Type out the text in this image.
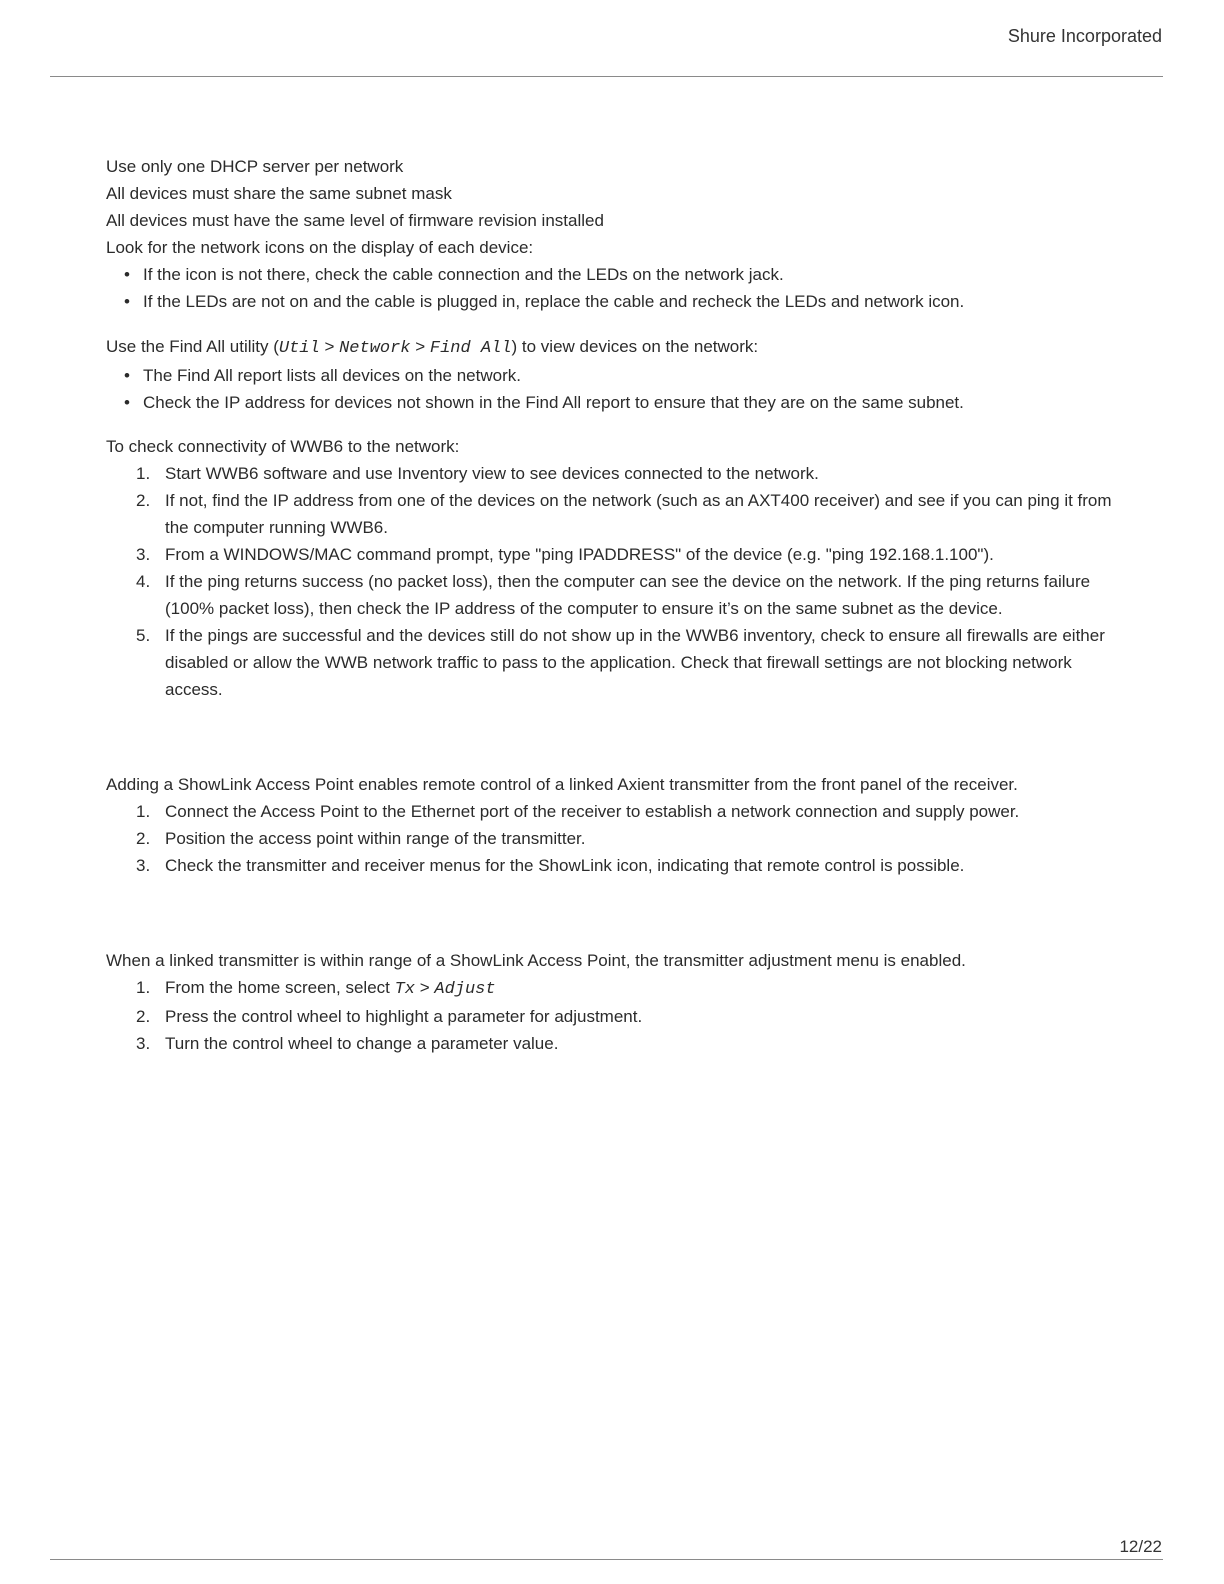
Shure Incorporated

Use only one DHCP server per network

All devices must share the same subnet mask

All devices must have the same level of firmware revision installed

Look for the network icons on the display of each device:

• If the icon is not there, check the cable connection and the LEDs on the network jack.
• If the LEDs are not on and the cable is plugged in, replace the cable and recheck the LEDs and network icon.

Use the Find All utility (Util > Network > Find All) to view devices on the network:

• The Find All report lists all devices on the network.
• Check the IP address for devices not shown in the Find All report to ensure that they are on the same subnet.

To check connectivity of WWB6 to the network:

1. Start WWB6 software and use Inventory view to see devices connected to the network.
2. If not, find the IP address from one of the devices on the network (such as an AXT400 receiver) and see if you can ping it from the computer running WWB6.
3. From a WINDOWS/MAC command prompt, type "ping IPADDRESS" of the device (e.g. "ping 192.168.1.100").
4. If the ping returns success (no packet loss), then the computer can see the device on the network. If the ping returns failure (100% packet loss), then check the IP address of the computer to ensure it’s on the same subnet as the device.
5. If the pings are successful and the devices still do not show up in the WWB6 inventory, check to ensure all firewalls are either disabled or allow the WWB network traffic to pass to the application. Check that firewall settings are not blocking network access.

Adding a ShowLink Access Point enables remote control of a linked Axient transmitter from the front panel of the receiver.

1. Connect the Access Point to the Ethernet port of the receiver to establish a network connection and supply power.
2. Position the access point within range of the transmitter.
3. Check the transmitter and receiver menus for the ShowLink icon, indicating that remote control is possible.

When a linked transmitter is within range of a ShowLink Access Point, the transmitter adjustment menu is enabled.

1. From the home screen, select Tx > Adjust
2. Press the control wheel to highlight a parameter for adjustment.
3. Turn the control wheel to change a parameter value.
12/22
